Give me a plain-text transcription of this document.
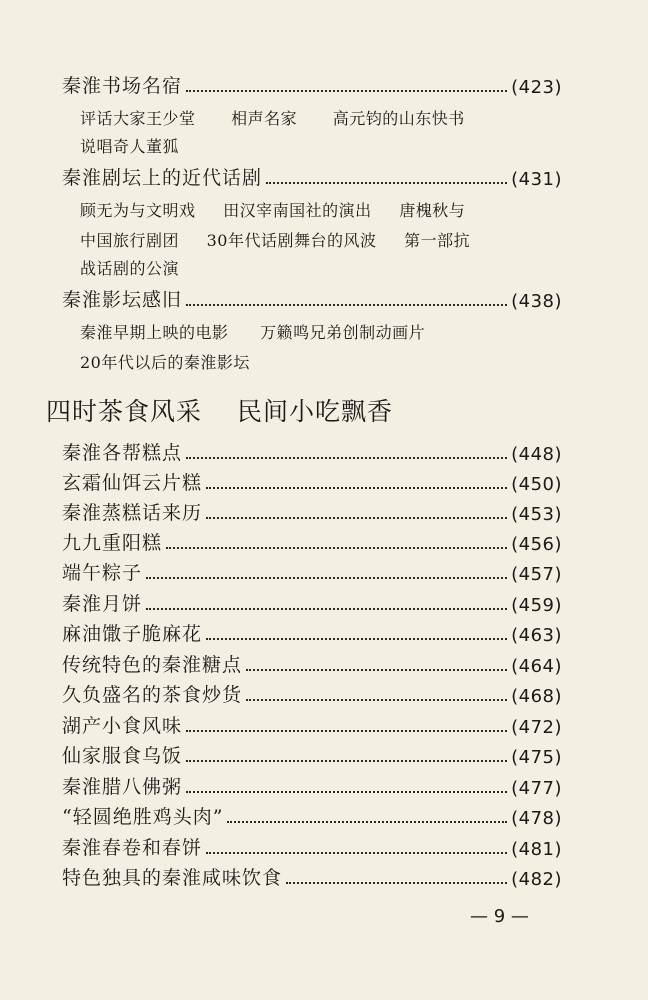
秦淮书场名宿	(423)
评话大家王少堂 相声名家 高元钧的山东快书
说唱奇人董狐
秦淮剧坛上的近代话剧	(431)
顾无为与文明戏 田汉宰南国社的演出 唐槐秋与
中国旅行剧团 30年代话剧舞台的风波 第一部抗
战话剧的公演
秦淮影坛感旧	(438)
秦淮早期上映的电影 万籁鸣兄弟创制动画片
20年代以后的秦淮影坛
四时茶食风采 民间小吃飘香
秦淮各帮糕点	(448)
玄霜仙饵云片糕	(450)
秦淮蒸糕话来历	(453)
九九重阳糕	(456)
端午粽子	(457)
秦淮月饼	(459)
麻油馓子脆麻花	(463)
传统特色的秦淮糖点	(464)
久负盛名的茶食炒货	(468)
湖产小食风味	(472)
仙家服食乌饭	(475)
秦淮腊八佛粥	(477)
“轻圆绝胜鸡头肉”	(478)
秦淮春卷和春饼	(481)
特色独具的秦淮咸味饮食	(482)
— 9 —
